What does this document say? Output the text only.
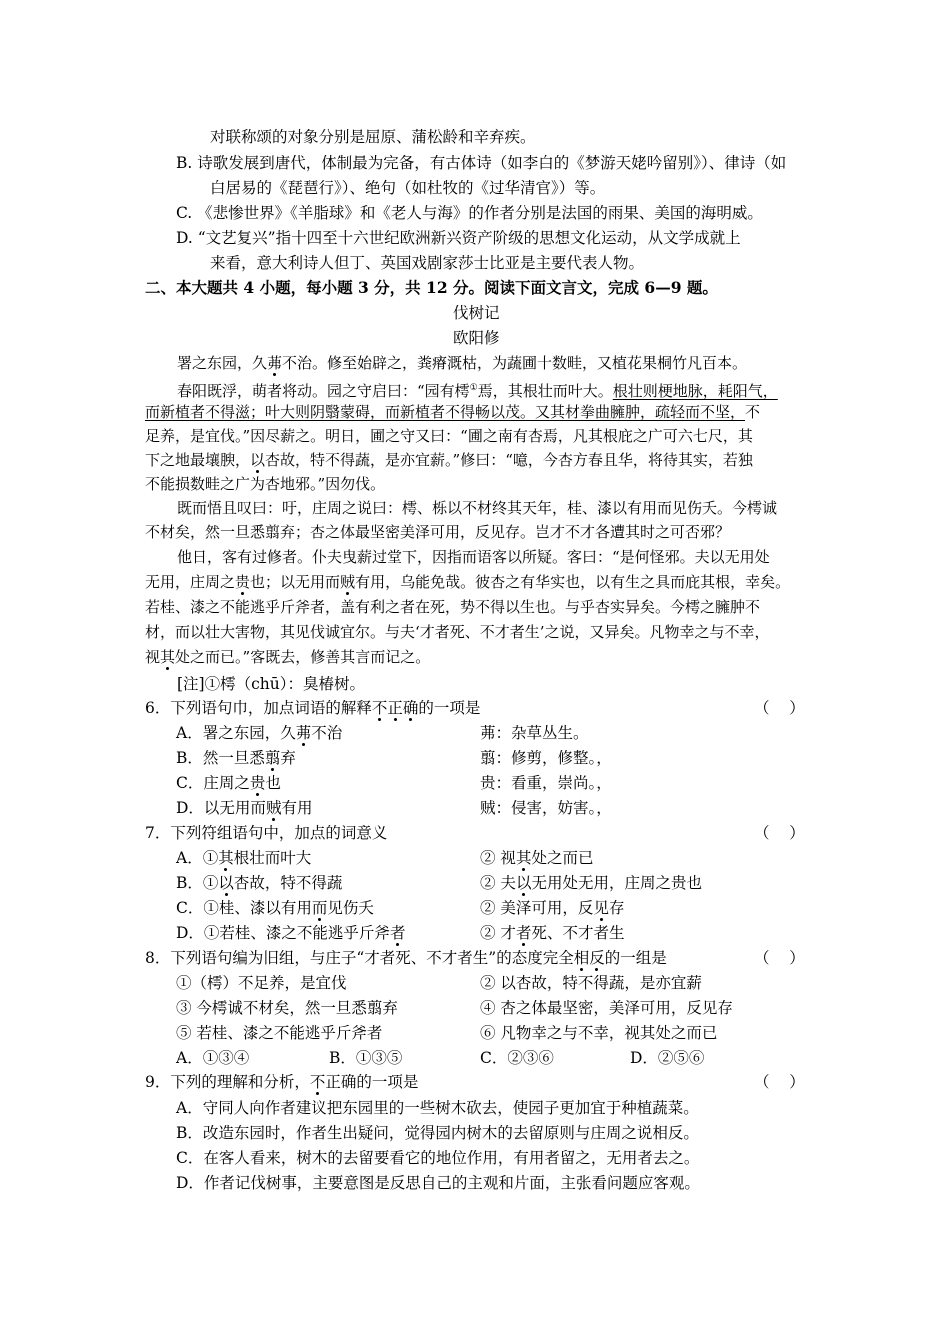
对联称颂的对象分别是屈原、蒲松龄和辛弃疾。
B. 诗歌发展到唐代，体制最为完备，有古体诗（如李白的《梦游天姥吟留别》）、律诗（如
白居易的《琵琶行》）、绝句（如杜牧的《过华清官》）等。
C. 《悲惨世界》《羊脂球》和《老人与海》的作者分别是法国的雨果、美国的海明威。
D. “文艺复兴”指十四至十六世纪欧洲新兴资产阶级的思想文化运动，从文学成就上
来看，意大利诗人但丁、英国戏剧家莎士比亚是主要代表人物。
二、本大题共 4 小题，每小题 3 分，共 12 分。阅读下面文言文，完成 6—9 题。
伐树记
欧阳修
署之东园，久茀不治。修至始辟之，粪瘠溉枯，为蔬圃十数畦，又植花果桐竹凡百本。
春阳既浮，萌者将动。园之守启曰：“园有樗①焉，其根壮而叶大。根壮则梗地脉，耗阳气，
而新植者不得滋；叶大则阴翳蒙碍，而新植者不得畅以茂。又其材拳曲臃肿，疏轻而不坚，不
足养，是宜伐。”因尽薪之。明日，圃之守又曰：“圃之南有杏焉，凡其根庇之广可六七尺，其
下之地最壤腴，以杏故，特不得蔬，是亦宜薪。”修曰：“噫，今杏方春且华，将待其实，若独
不能损数畦之广为杏地邪。”因勿伐。
既而悟且叹曰：吁，庄周之说曰：樗、栎以不材终其天年，桂、漆以有用而见伤夭。今樗诚
不材矣，然一旦悉翦弃；杏之体最坚密美泽可用，反见存。岂才不才各遭其时之可否邪？
他日，客有过修者。仆夫曳薪过堂下，因指而语客以所疑。客曰：“是何怪邪。夫以无用处
无用，庄周之贵也；以无用而贼有用，乌能免哉。彼杏之有华实也，以有生之具而庇其根，幸矣。
若桂、漆之不能逃乎斤斧者，盖有利之者在死，势不得以生也。与乎杏实异矣。今樗之臃肿不
材，而以壮大害物，其见伐诚宜尔。与夫‘才者死、不才者生’之说，又异矣。凡物幸之与不幸，
视其处之而已。”客既去，修善其言而记之。
[注]①樗（chū）：臭椿树。
6．下列语句巾，加点词语的解释不正确的一项是	（    ）
A．署之东园，久茀不治	茀：杂草丛生。
B．然一旦悉翦弃	翦：修剪，修整。，
C．庄周之贵也	贵：看重，崇尚。，
D．以无用而贼有用	贼：侵害，妨害。，
7．下列符组语句中，加点的词意义	（    ）
A．①其根壮而叶大	② 视其处之而已
B．①以杏故，特不得蔬	② 夫以无用处无用，庄周之贵也
C．①桂、漆以有用而见伤夭	② 美泽可用，反见存
D．①若桂、漆之不能逃乎斤斧者	② 才者死、不才者生
8．下列语句编为旧组，与庄子“才者死、不才者生”的态度完全相反的一组是	（    ）
①（樗）不足养，是宜伐	② 以杏故，特不得蔬，是亦宜薪
③ 今樗诚不材矣，然一旦悉翦弃	④ 杏之体最坚密，美泽可用，反见存
⑤ 若桂、漆之不能逃乎斤斧者	⑥ 凡物幸之与不幸，视其处之而已
A．①③④	B．①③⑤	C．②③⑥	D．②⑤⑥
9．下列的理解和分析，不正确的一项是	（    ）
A．守同人向作者建议把东园里的一些树木砍去，使园子更加宜于种植蔬菜。
B．改造东园时，作者生出疑问，觉得园内树木的去留原则与庄周之说相反。
C．在客人看来，树木的去留要看它的地位作用，有用者留之，无用者去之。
D．作者记伐树事，主要意图是反思自己的主观和片面，主张看问题应客观。
